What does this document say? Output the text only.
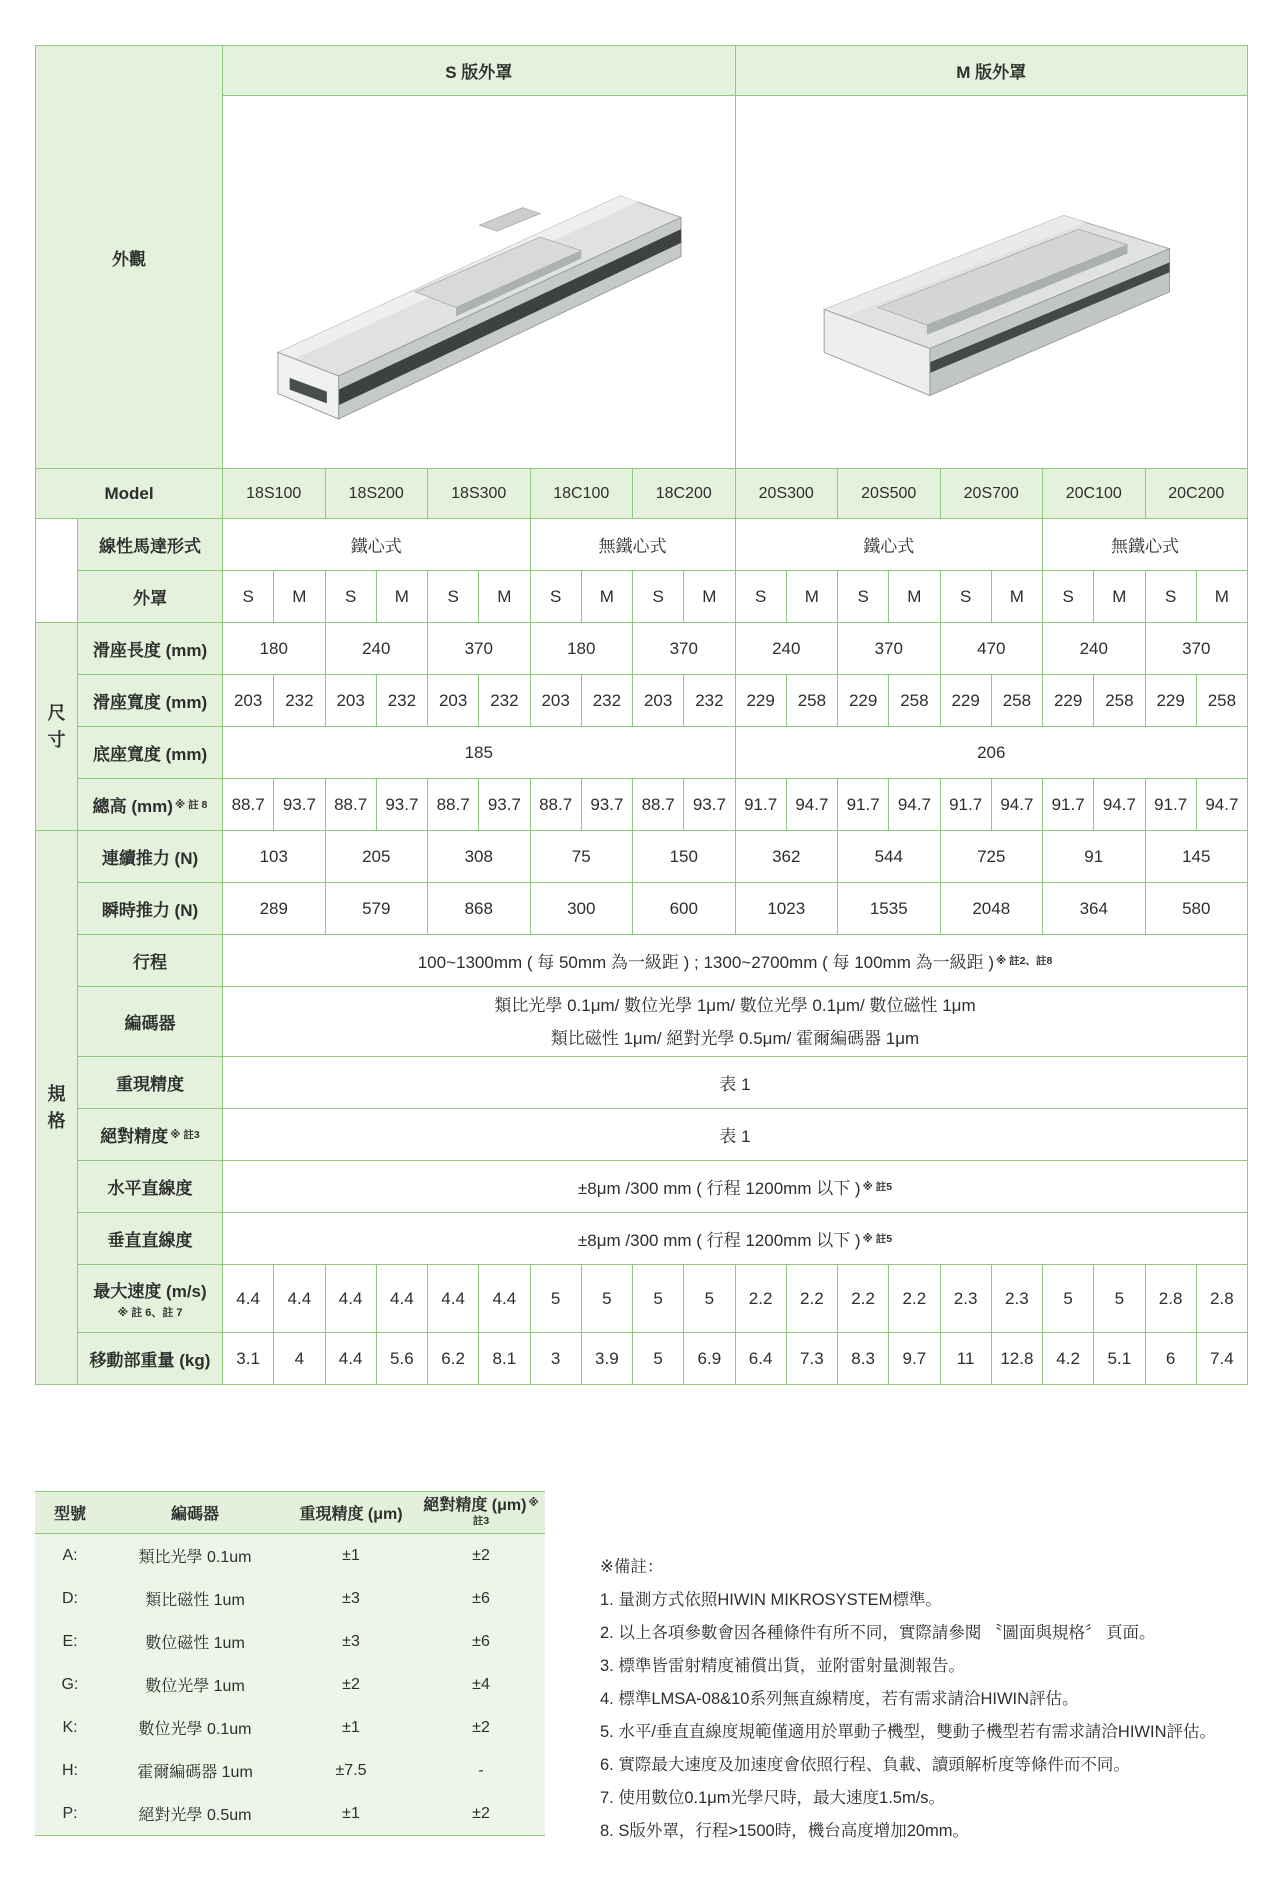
外觀		S 版外罩										M 版外罩									

Model		18S100		18S200		18S300		18C100		18C200		20S300		20S500		20S700		20C100		20C200	
	線性馬達形式	鐵心式						無鐵心式				鐵心式						無鐵心式			
	外罩	S	M	S	M	S	M	S	M	S	M	S	M	S	M	S	M	S	M	S	M
尺寸	滑座長度 (mm)	180		240		370		180		370		240		370		470		240		370	
	滑座寬度 (mm)	203	232	203	232	203	232	203	232	203	232	229	258	229	258	229	258	229	258	229	258
	底座寬度 (mm)	185										206									
	總高 (mm) $^{※ 註 8}$	88.7	93.7	88.7	93.7	88.7	93.7	88.7	93.7	88.7	93.7	91.7	94.7	91.7	94.7	91.7	94.7	91.7	94.7	91.7	94.7
規格	連續推力 (N)	103		205		308		75		150		362		544		725		91		145	
	瞬時推力 (N)	289		579		868		300		600		1023		1535		2048		364		580	
	行程	100~1300mm ( 每 50mm 為一級距 ) ; 1300~2700mm ( 每 100mm 為一級距 ) $^{※ 註2、註8}$
	編碼器	類比光學 0.1μm/ 數位光學 1μm/ 數位光學 0.1μm/ 數位磁性 1μm
類比磁性 1μm/ 絕對光學 0.5μm/ 霍爾編碼器 1μm																			

	重現精度	表 1																			
	絕對精度 $^{※ 註3}$	表 1																			
	水平直線度	±8μm /300 mm ( 行程 1200mm 以下 ) $^{※ 註5}$
	垂直直線度	±8μm /300 mm ( 行程 1200mm 以下 ) $^{※ 註5}$

	最大速度 (m/s)
※ 註 6、註 7	4.4	4.4	4.4	4.4	4.4	4.4	5	5	5	5	2.2	2.2	2.2	2.2	2.3	2.3	5	5	2.8	2.8
	移動部重量 (kg)	3.1	4	4.4	5.6	6.2	8.1	3	3.9	5	6.9	6.4	7.3	8.3	9.7	11	12.8	4.2	5.1	6	7.4
型號	編碼器	重現精度 (μm)	絕對精度 (μm) $^{※ 註3}$
A:	類比光學 0.1um	±1	±2
D:	類比磁性 1um	±3	±6
E:	數位磁性 1um	±3	±6
G:	數位光學 1um	±2	±4
K:	數位光學 0.1um	±1	±2
H:	霍爾編碼器 1um	±7.5	-
P:	絕對光學 0.5um	±1	±2
※備註：
1. 量測方式依照HIWIN MIKROSYSTEM標準。
2. 以上各項參數會因各種條件有所不同，實際請參閱 〝圖面與規格〞 頁面。
3. 標準皆雷射精度補償出貨，並附雷射量測報告。
4. 標準LMSA-08&10系列無直線精度，若有需求請洽HIWIN評估。
5. 水平/垂直直線度規範僅適用於單動子機型，雙動子機型若有需求請洽HIWIN評估。
6. 實際最大速度及加速度會依照行程、負載、讀頭解析度等條件而不同。
7. 使用數位0.1μm光學尺時，最大速度1.5m/s。
8. S版外罩，行程>1500時，機台高度增加20mm。
